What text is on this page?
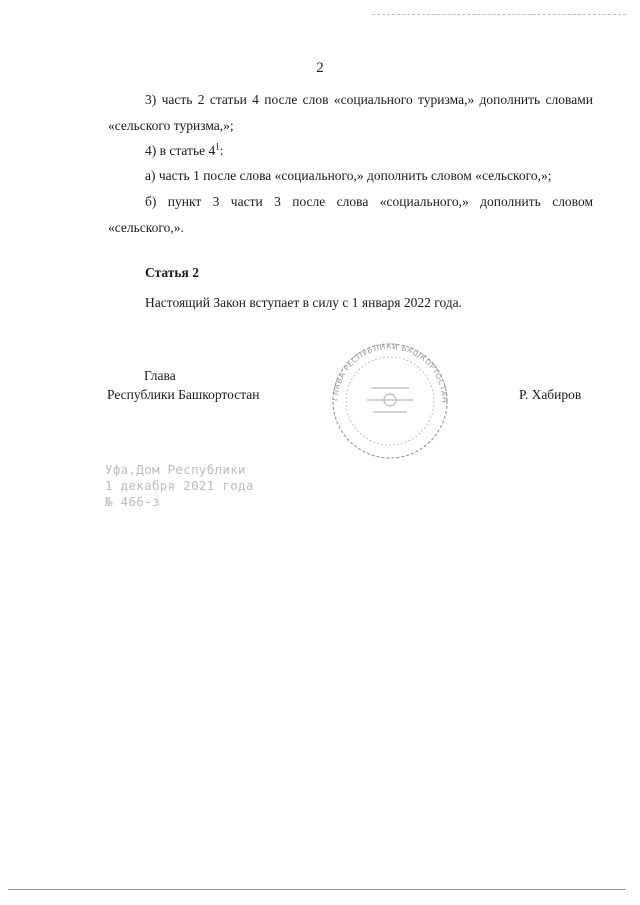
2

3) часть 2 статьи 4 после слов «социального туризма,» дополнить словами «сельского туризма,»;

4) в статье $4^1$:

а) часть 1 после слова «социального,» дополнить словом «сельского,»;

б) пункт 3 части 3 после слова «социального,» дополнить словом «сельского,».

Статья 2

Настоящий Закон вступает в силу с 1 января 2022 года.

Глава
Республики Башкортостан	Р. Хабиров
ГЛАВА РЕСПУБЛИКИ БАШКОРТОСТАН
Уфа,Дом Республики
1 декабря 2021 года
№ 466-з
